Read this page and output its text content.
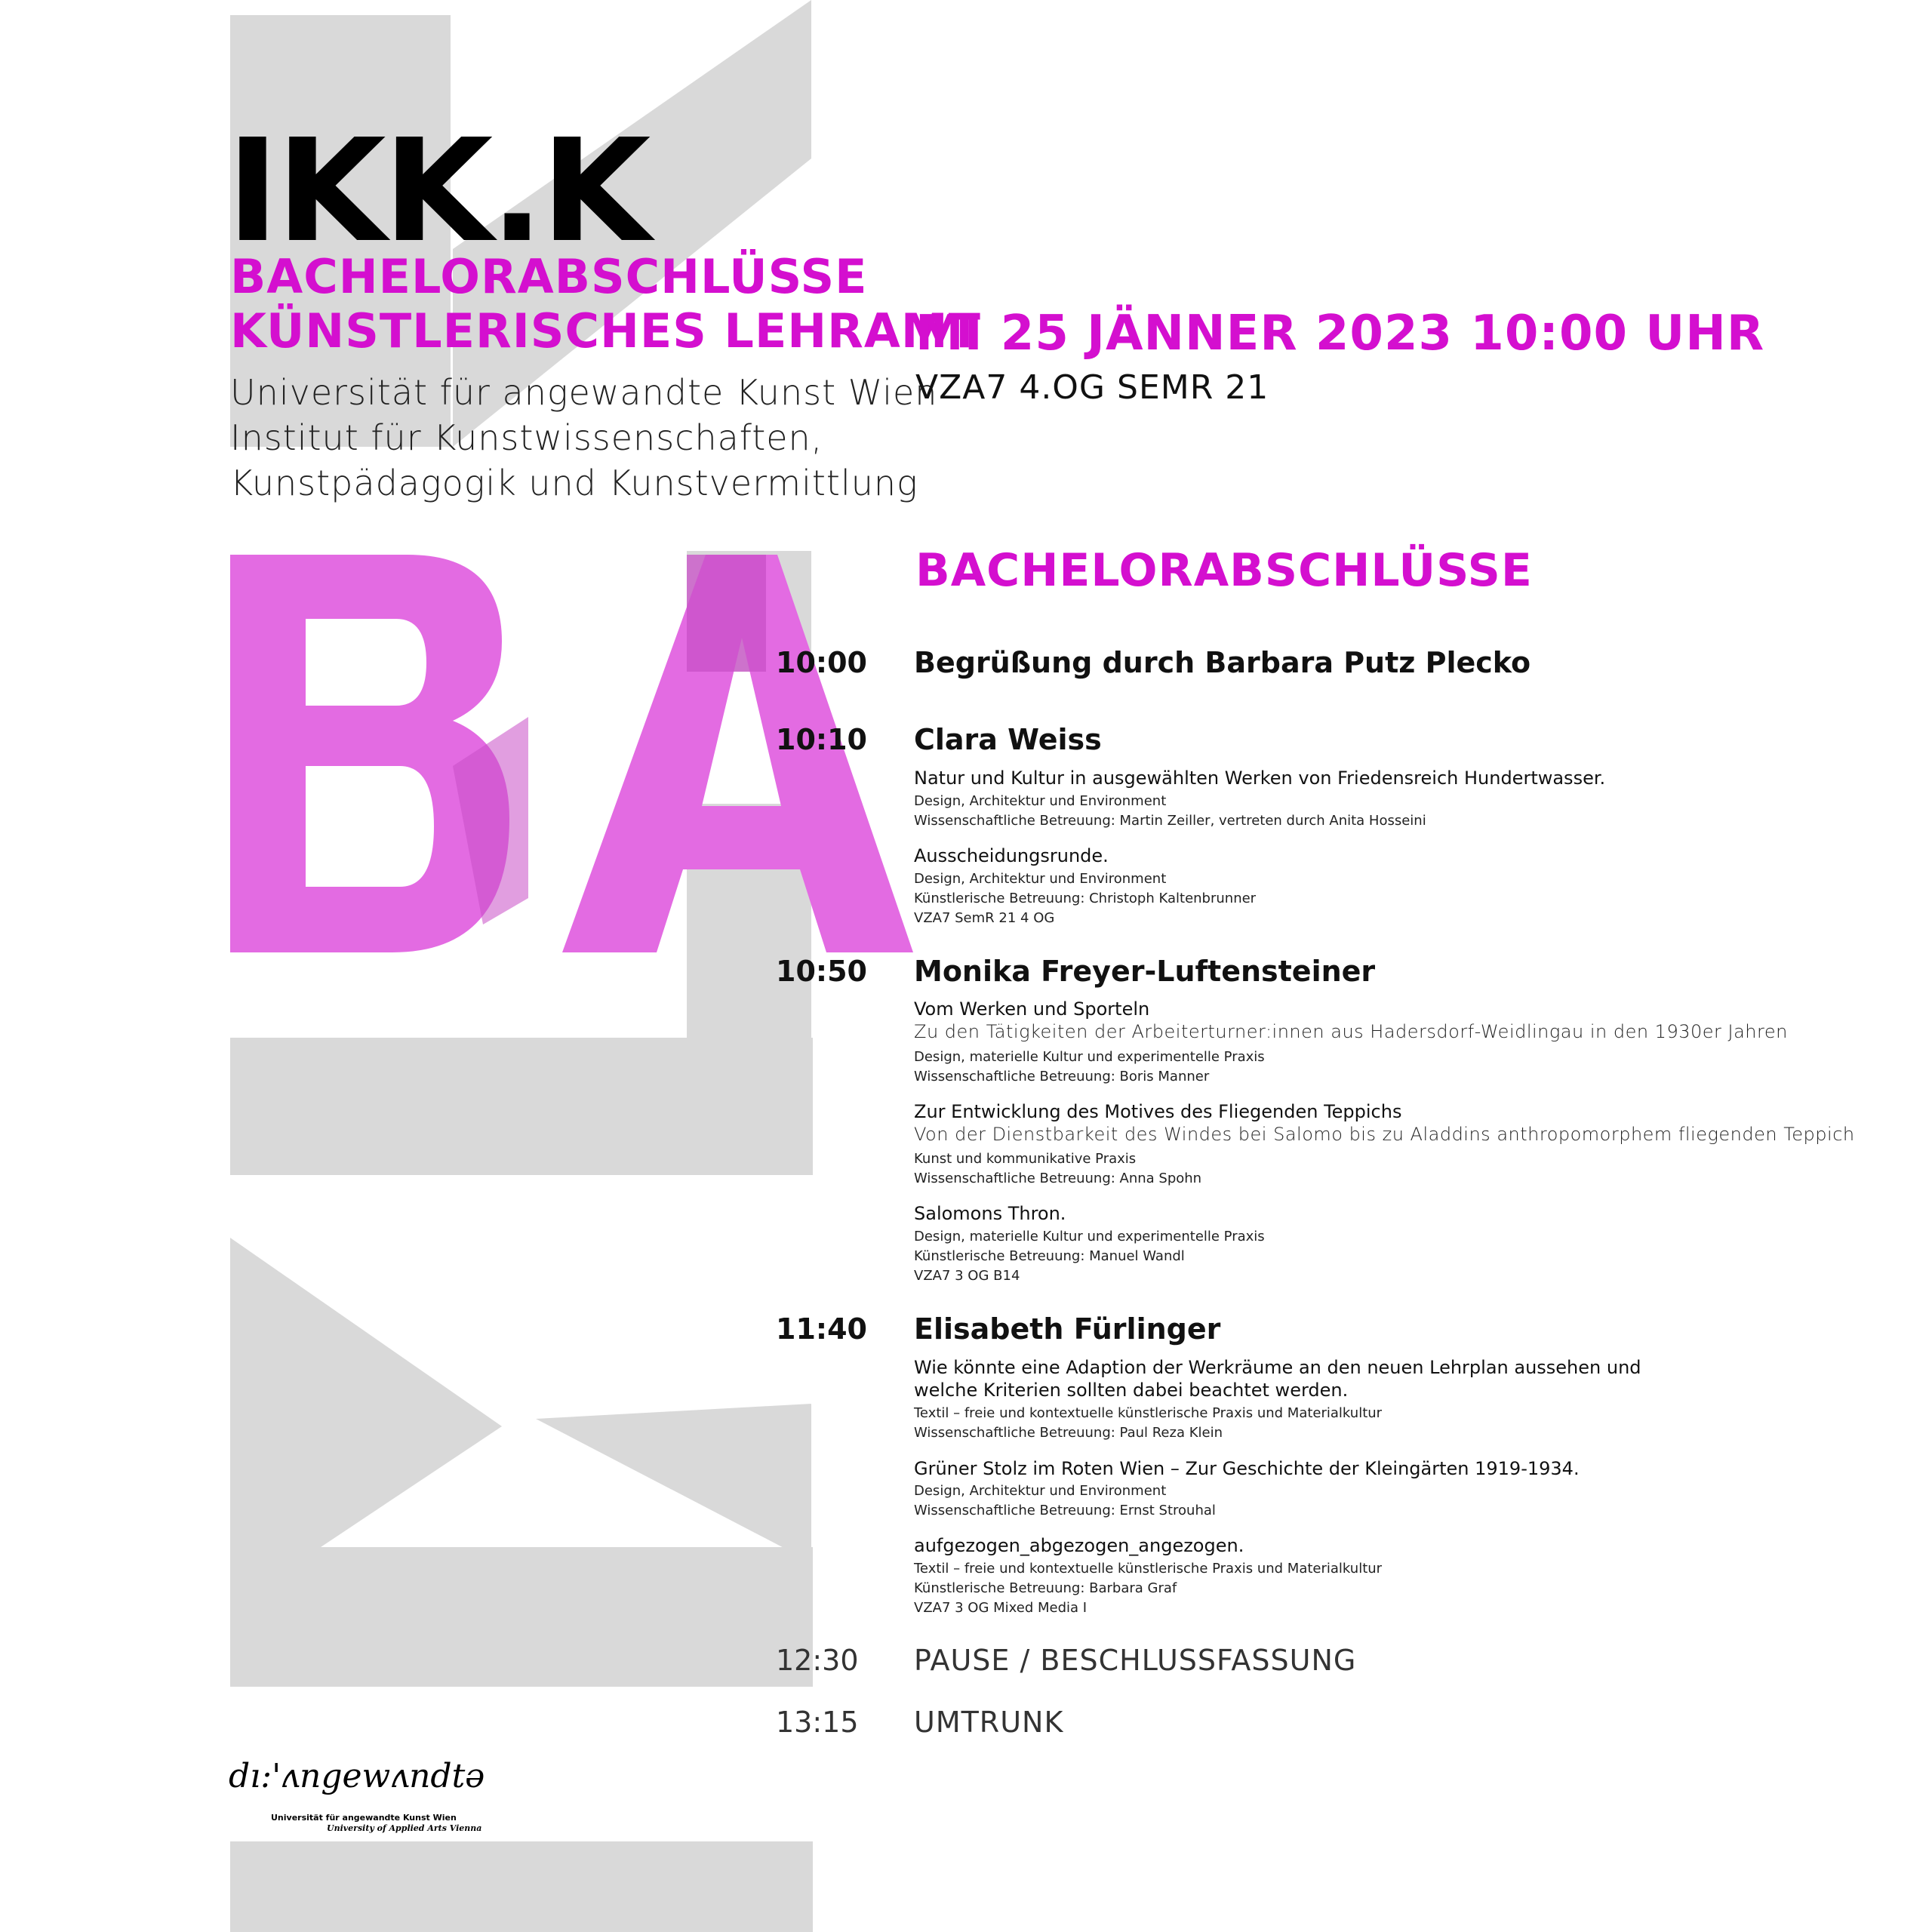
IKK.K
BACHELORABSCHLÜSSE
KÜNSTLERISCHES LEHRAMT
Universität für angewandte Kunst Wien
Institut für Kunstwissenschaften,
Kunstpädagogik und Kunstvermittlung
MI 25 JÄNNER 2023 10:00 UHR
VZA7 4.OG SEMR 21
BACHELORABSCHLÜSSE
10:00 Begrüßung durch Barbara Putz Plecko
10:10 Clara Weiss
Natur und Kultur in ausgewählten Werken von Friedensreich Hundertwasser.
Design, Architektur und Environment
Wissenschaftliche Betreuung: Martin Zeiller, vertreten durch Anita Hosseini
Ausscheidungsrunde.
Design, Architektur und Environment
Künstlerische Betreuung: Christoph Kaltenbrunner
VZA7 SemR 21 4 OG
10:50 Monika Freyer-Luftensteiner
Vom Werken und Sporteln
Zu den Tätigkeiten der Arbeiterturner:innen aus Hadersdorf-Weidlingau in den 1930er Jahren
Design, materielle Kultur und experimentelle Praxis
Wissenschaftliche Betreuung: Boris Manner
Zur Entwicklung des Motives des Fliegenden Teppichs
Von der Dienstbarkeit des Windes bei Salomo bis zu Aladdins anthropomorphem fliegenden Teppich
Kunst und kommunikative Praxis
Wissenschaftliche Betreuung: Anna Spohn
Salomons Thron.
Design, materielle Kultur und experimentelle Praxis
Künstlerische Betreuung: Manuel Wandl
VZA7 3 OG B14
11:40 Elisabeth Fürlinger
Wie könnte eine Adaption der Werkräume an den neuen Lehrplan aussehen und
welche Kriterien sollten dabei beachtet werden.
Textil – freie und kontextuelle künstlerische Praxis und Materialkultur
Wissenschaftliche Betreuung: Paul Reza Klein
Grüner Stolz im Roten Wien – Zur Geschichte der Kleingärten 1919-1934.
Design, Architektur und Environment
Wissenschaftliche Betreuung: Ernst Strouhal
aufgezogen_abgezogen_angezogen.
Textil – freie und kontextuelle künstlerische Praxis und Materialkultur
Künstlerische Betreuung: Barbara Graf
VZA7 3 OG Mixed Media I
12:30 PAUSE / BESCHLUSSFASSUNG
13:15 UMTRUNK
dı:'ʌngewʌndtə
Universität für angewandte Kunst Wien
University of Applied Arts Vienna
